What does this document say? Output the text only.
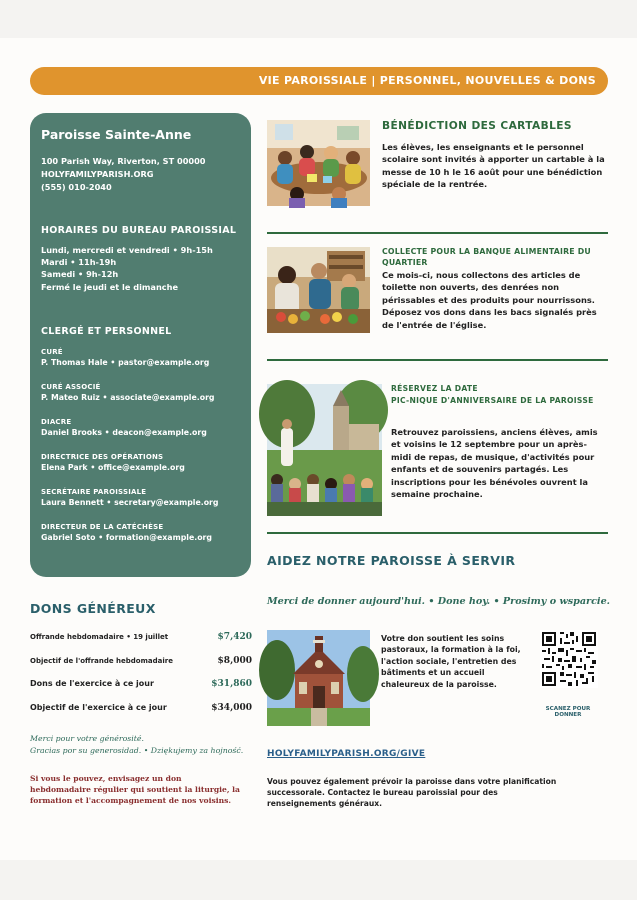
VIE PAROISSIALE | PERSONNEL, NOUVELLES & DONS
Paroisse Sainte-Anne
100 Parish Way, Riverton, ST 00000
HOLYFAMILYPARISH.ORG
(555) 010-2040
HORAIRES DU BUREAU PAROISSIAL
Lundi, mercredi et vendredi • 9h-15h
Mardi • 11h-19h
Samedi • 9h-12h
Fermé le jeudi et le dimanche
CLERGÉ ET PERSONNEL
CURÉ
P. Thomas Hale • pastor@example.org
CURÉ ASSOCIÉ
P. Mateo Ruiz • associate@example.org
DIACRE
Daniel Brooks • deacon@example.org
DIRECTRICE DES OPÉRATIONS
Elena Park • office@example.org
SECRÉTAIRE PAROISSIALE
Laura Bennett • secretary@example.org
DIRECTEUR DE LA CATÉCHÈSE
Gabriel Soto • formation@example.org
BÉNÉDICTION DES CARTABLES
Les élèves, les enseignants et le personnel scolaire sont invités à apporter un cartable à la messe de 10 h le 16 août pour une bénédiction spéciale de la rentrée.
COLLECTE POUR LA BANQUE ALIMENTAIRE DU QUARTIER
Ce mois-ci, nous collectons des articles de toilette non ouverts, des denrées non périssables et des produits pour nourrissons. Déposez vos dons dans les bacs signalés près de l'entrée de l'église.
RÉSERVEZ LA DATE
PIC-NIQUE D'ANNIVERSAIRE DE LA PAROISSE
Retrouvez paroissiens, anciens élèves, amis et voisins le 12 septembre pour un après-midi de repas, de musique, d'activités pour enfants et de souvenirs partagés. Les inscriptions pour les bénévoles ouvrent la semaine prochaine.
AIDEZ NOTRE PAROISSE À SERVIR
Merci de donner aujourd'hui. • Done hoy. • Prosimy o wsparcie.
Votre don soutient les soins pastoraux, la formation à la foi, l'action sociale, l'entretien des bâtiments et un accueil chaleureux de la paroisse.
SCANEZ POUR DONNER
HOLYFAMILYPARISH.ORG/GIVE
Vous pouvez également prévoir la paroisse dans votre planification successorale. Contactez le bureau paroissial pour des renseignements généraux.
DONS GÉNÉREUX
Offrande hebdomadaire • 19 juillet	$7,420
Objectif de l'offrande hebdomadaire	$8,000
Dons de l'exercice à ce jour	$31,860
Objectif de l'exercice à ce jour	$34,000
Merci pour votre générosité.
Gracias por su generosidad. • Dziękujemy za hojność.
Si vous le pouvez, envisagez un don hebdomadaire régulier qui soutient la liturgie, la formation et l'accompagnement de nos voisins.
